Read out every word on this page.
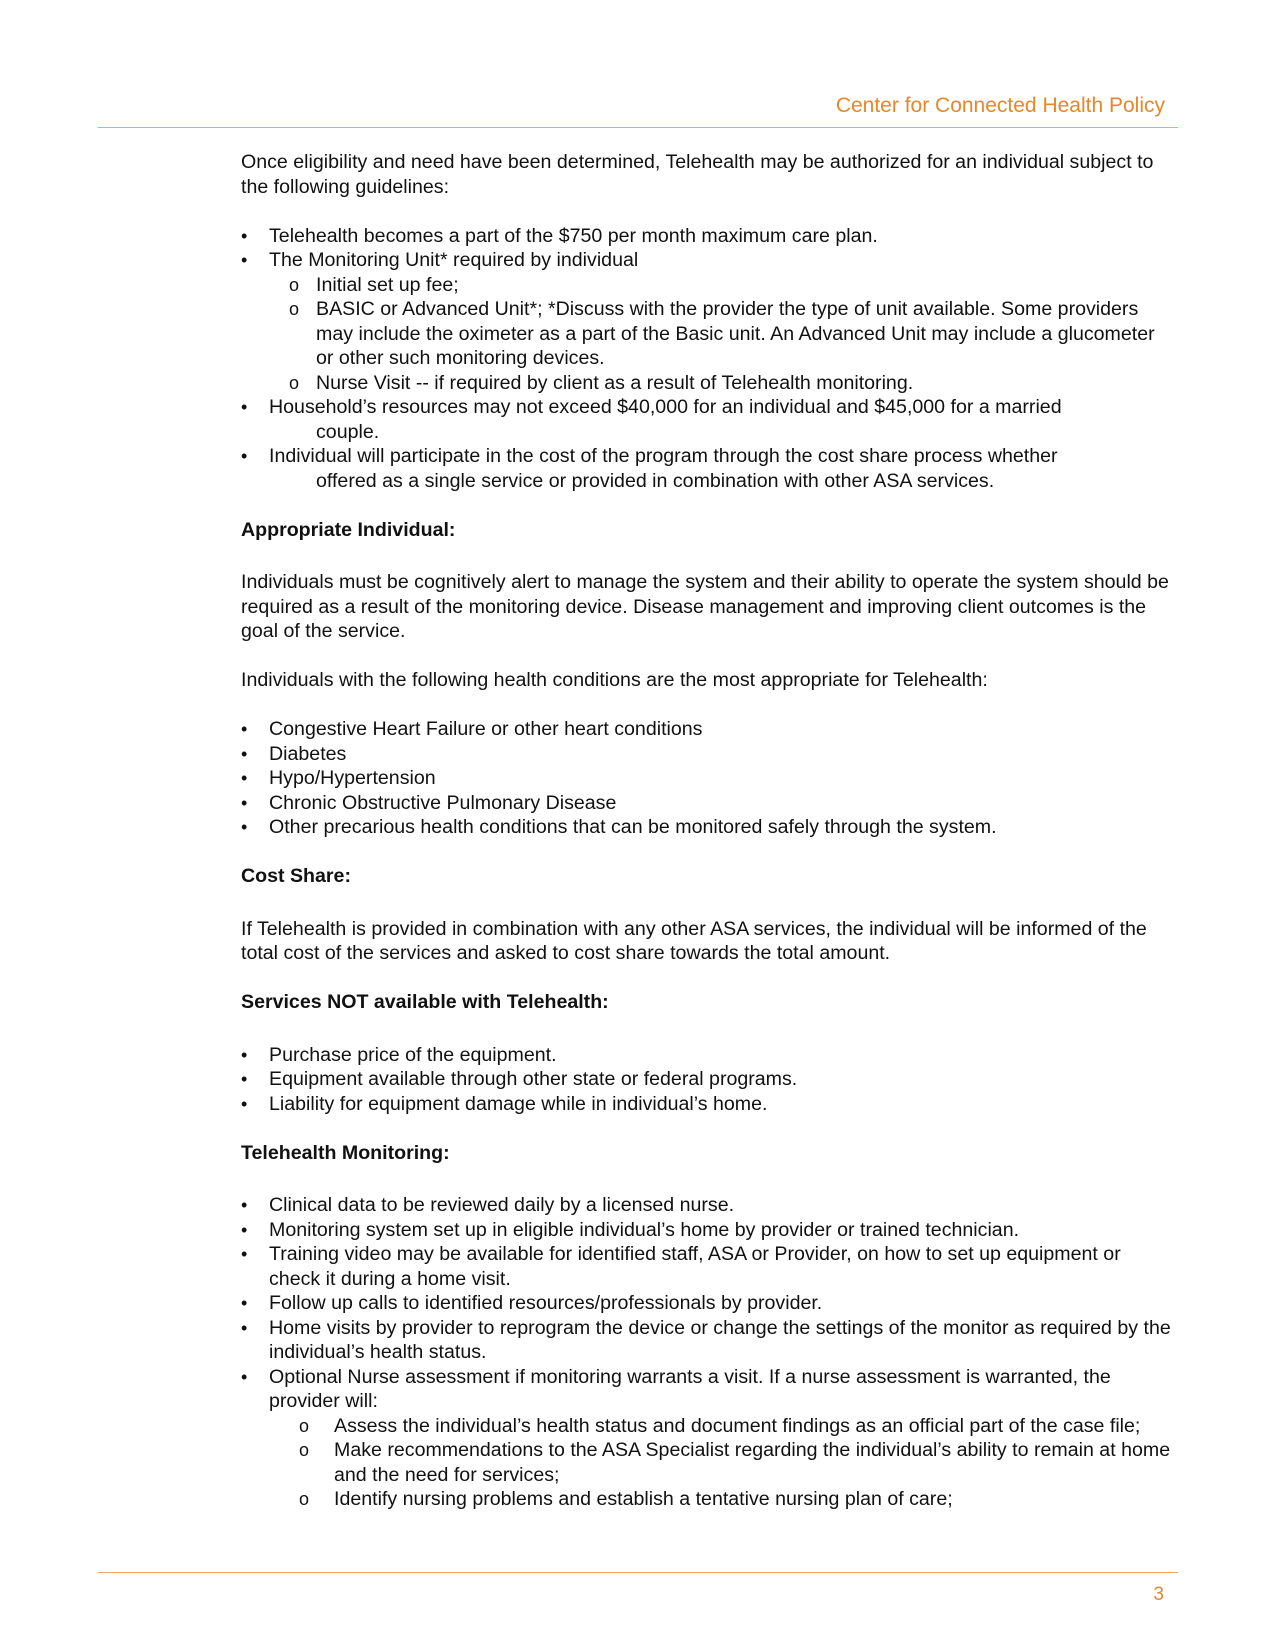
Center for Connected Health Policy

Once eligibility and need have been determined, Telehealth may be authorized for an individual subject to the following guidelines:

• Telehealth becomes a part of the $750 per month maximum care plan.
• The Monitoring Unit* required by individual
o Initial set up fee;
o BASIC or Advanced Unit*; *Discuss with the provider the type of unit available. Some providers may include the oximeter as a part of the Basic unit. An Advanced Unit may include a glucometer or other such monitoring devices.
o Nurse Visit -- if required by client as a result of Telehealth monitoring.
• Household’s resources may not exceed $40,000 for an individual and $45,000 for a married
couple.
• Individual will participate in the cost of the program through the cost share process whether
offered as a single service or provided in combination with other ASA services.
Appropriate Individual:

Individuals must be cognitively alert to manage the system and their ability to operate the system should be required as a result of the monitoring device. Disease management and improving client outcomes is the goal of the service.

Individuals with the following health conditions are the most appropriate for Telehealth:

• Congestive Heart Failure or other heart conditions
• Diabetes
• Hypo/Hypertension
• Chronic Obstructive Pulmonary Disease
• Other precarious health conditions that can be monitored safely through the system.
Cost Share:

If Telehealth is provided in combination with any other ASA services, the individual will be informed of the total cost of the services and asked to cost share towards the total amount.

Services NOT available with Telehealth:
• Purchase price of the equipment.
• Equipment available through other state or federal programs.
• Liability for equipment damage while in individual’s home.
Telehealth Monitoring:
• Clinical data to be reviewed daily by a licensed nurse.
• Monitoring system set up in eligible individual’s home by provider or trained technician.
• Training video may be available for identified staff, ASA or Provider, on how to set up equipment or check it during a home visit.
• Follow up calls to identified resources/professionals by provider.
• Home visits by provider to reprogram the device or change the settings of the monitor as required by the individual’s health status.
• Optional Nurse assessment if monitoring warrants a visit. If a nurse assessment is warranted, the provider will:
o Assess the individual’s health status and document findings as an official part of the case file;
o Make recommendations to the ASA Specialist regarding the individual’s ability to remain at home and the need for services;
o Identify nursing problems and establish a tentative nursing plan of care;
3
